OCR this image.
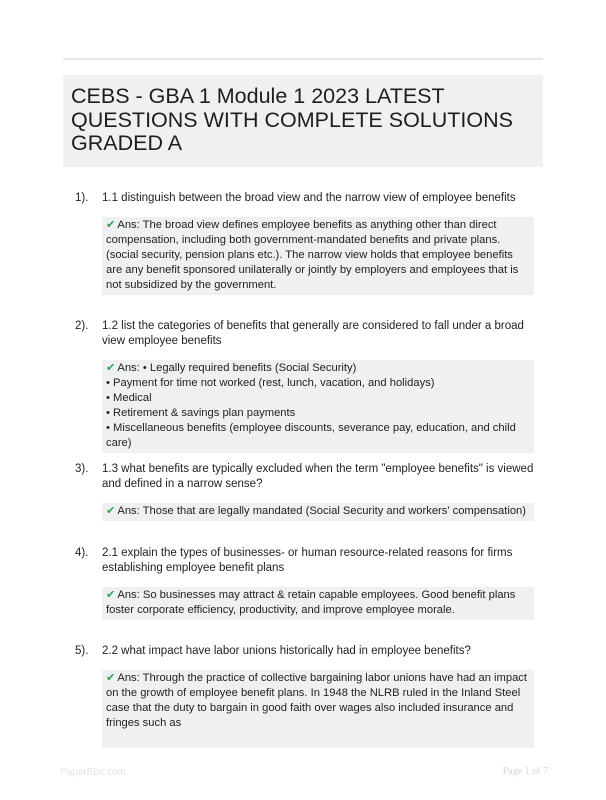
CEBS - GBA 1 Module 1 2023 LATEST QUESTIONS WITH COMPLETE SOLUTIONS GRADED A
1). 1.1 distinguish between the broad view and the narrow view of employee benefits
✔ Ans: The broad view defines employee benefits as anything other than direct compensation, including both government-mandated benefits and private plans. (social security, pension plans etc.). The narrow view holds that employee benefits are any benefit sponsored unilaterally or jointly by employers and employees that is not subsidized by the government.
2). 1.2 list the categories of benefits that generally are considered to fall under a broad view employee benefits
✔ Ans: • Legally required benefits (Social Security)
• Payment for time not worked (rest, lunch, vacation, and holidays)
• Medical
• Retirement & savings plan payments
• Miscellaneous benefits (employee discounts, severance pay, education, and child care)
3). 1.3 what benefits are typically excluded when the term "employee benefits" is viewed and defined in a narrow sense?
✔ Ans: Those that are legally mandated (Social Security and workers' compensation)
4). 2.1 explain the types of businesses- or human resource-related reasons for firms establishing employee benefit plans
✔ Ans: So businesses may attract & retain capable employees. Good benefit plans foster corporate efficiency, productivity, and improve employee morale.
5). 2.2 what impact have labor unions historically had in employee benefits?
✔ Ans: Through the practice of collective bargaining labor unions have had an impact on the growth of employee benefit plans. In 1948 the NLRB ruled in the Inland Steel case that the duty to bargain in good faith over wages also included insurance and fringes such as
PaperBbc.com	Page 1 of 7
